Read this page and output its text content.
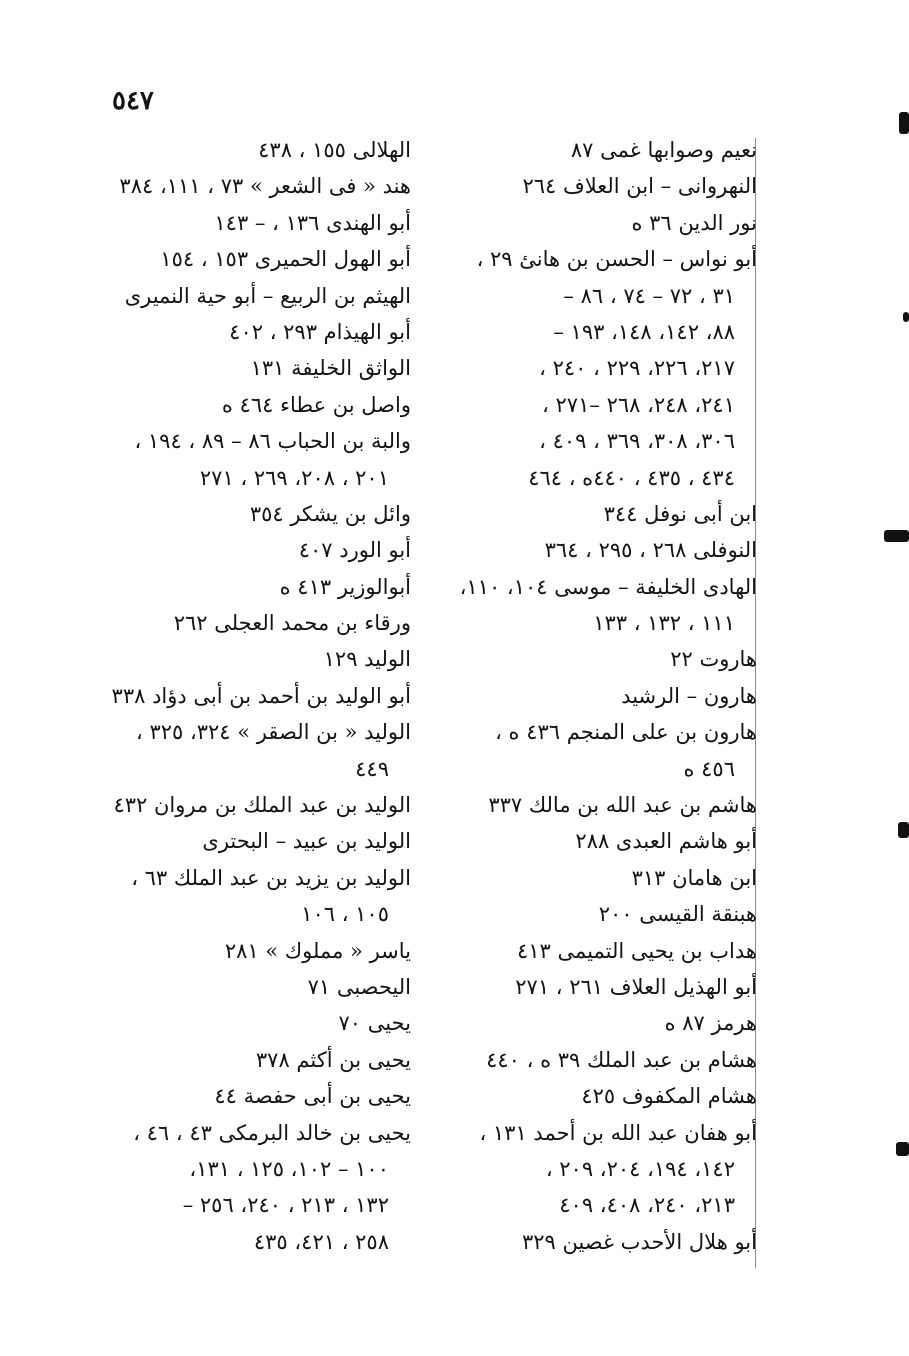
٥٤٧
نعيم وصوابها غمى ٨٧
النهروانى – ابن العلاف ٢٦٤
نور الدين ٣٦ ه
أبو نواس – الحسن بن هانئ ٢٩ ،
٣١ ، ٧٢ – ٧٤ ، ٨٦ –
٨٨، ١٤٢، ١٤٨، ١٩٣ –
٢١٧، ٢٢٦، ٢٢٩ ، ٢٤٠ ،
٢٤١، ٢٤٨، ٢٦٨ –٢٧١ ،
٣٠٦، ٣٠٨، ٣٦٩ ، ٤٠٩ ،
٤٣٤ ، ٤٣٥ ، ٤٤٠ه ، ٤٦٤
ابن أبى نوفل ٣٤٤
النوفلى ٢٦٨ ، ٢٩٥ ، ٣٦٤
الهادى الخليفة – موسى ١٠٤، ١١٠،
١١١ ، ١٣٢ ، ١٣٣
هاروت ٢٢
هارون – الرشيد
هارون بن على المنجم ٤٣٦ ه ،
٤٥٦ ه
هاشم بن عبد الله بن مالك ٣٣٧
أبو هاشم العبدى ٢٨٨
ابن هامان ٣١٣
هبنقة القيسى ٢٠٠
هداب بن يحيى التميمى ٤١٣
أبو الهذيل العلاف ٢٦١ ، ٢٧١
هرمز ٨٧ ه
هشام بن عبد الملك ٣٩ ه ، ٤٤٠
هشام المكفوف ٤٢٥
أبو هفان عبد الله بن أحمد ١٣١ ،
١٤٢، ١٩٤، ٢٠٤، ٢٠٩ ،
٢١٣، ٢٤٠، ٤٠٨، ٤٠٩
أبو هلال الأحدب غصين ٣٢٩
الهلالى ١٥٥ ، ٤٣٨
هند « فى الشعر » ٧٣ ، ١١١، ٣٨٤
أبو الهندى ١٣٦ ، – ١٤٣
أبو الهول الحميرى ١٥٣ ، ١٥٤
الهيثم بن الربيع – أبو حية النميرى
أبو الهيذام ٢٩٣ ، ٤٠٢
الواثق الخليفة ١٣١
واصل بن عطاء ٤٦٤ ه
والبة بن الحباب ٨٦ – ٨٩ ، ١٩٤ ،
٢٠١ ، ٢٠٨، ٢٦٩ ، ٢٧١
وائل بن يشكر ٣٥٤
أبو الورد ٤٠٧
أبوالوزير ٤١٣ ه
ورقاء بن محمد العجلى ٢٦٢
الوليد ١٢٩
أبو الوليد بن أحمد بن أبى دؤاد ٣٣٨
الوليد « بن الصقر » ٣٢٤، ٣٢٥ ،
٤٤٩
الوليد بن عبد الملك بن مروان ٤٣٢
الوليد بن عبيد – البحترى
الوليد بن يزيد بن عبد الملك ٦٣ ،
١٠٥ ، ١٠٦
ياسر « مملوك » ٢٨١
اليحصبى ٧١
يحيى ٧٠
يحيى بن أكثم ٣٧٨
يحيى بن أبى حفصة ٤٤
يحيى بن خالد البرمكى ٤٣ ، ٤٦ ،
١٠٠ – ١٠٢، ١٢٥ ، ١٣١،
١٣٢ ، ٢١٣ ، ٢٤٠، ٢٥٦ –
٢٥٨ ، ٤٢١، ٤٣٥
